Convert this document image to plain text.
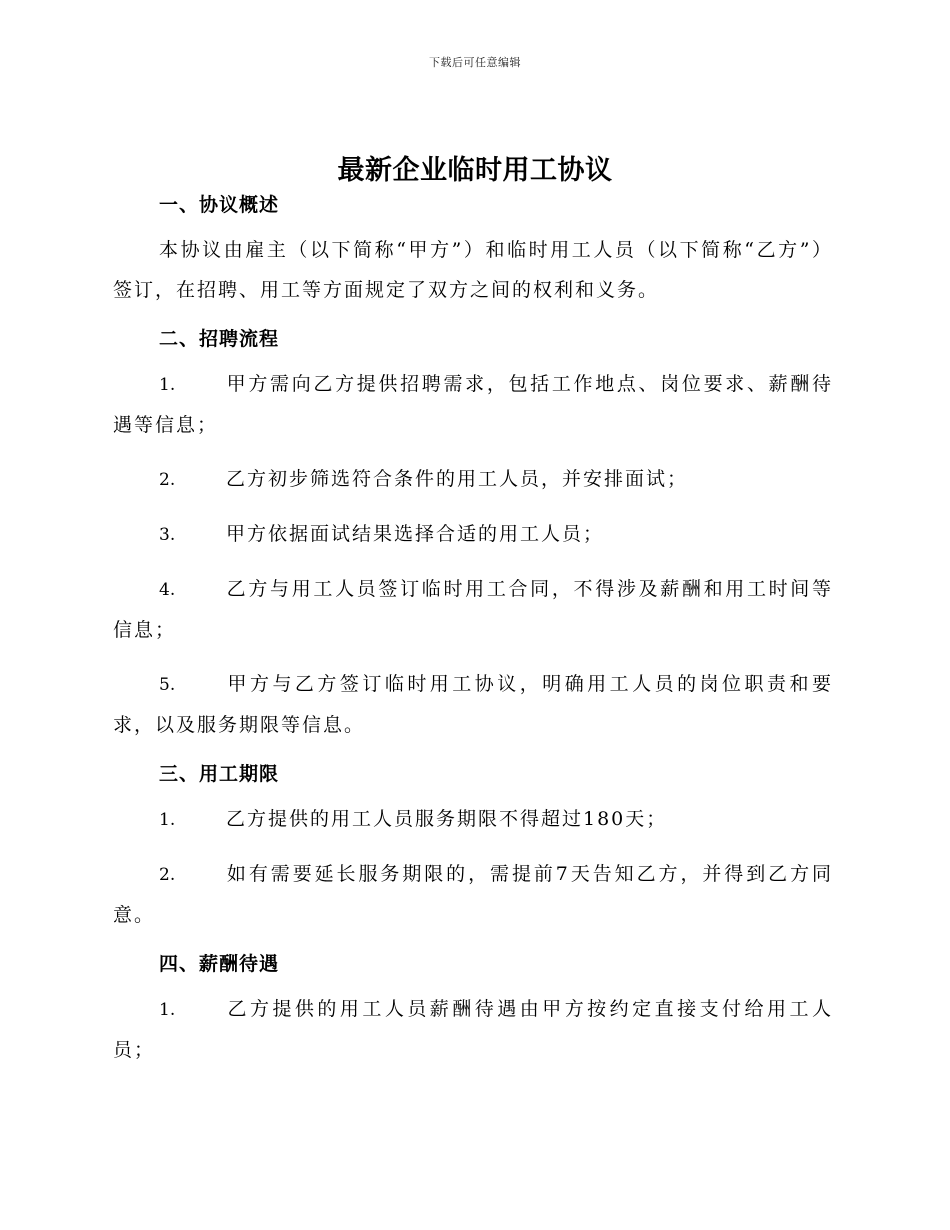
下载后可任意编辑
最新企业临时用工协议
一、协议概述

本协议由雇主（以下简称“甲方”）和临时用工人员（以下简称“乙方”）签订，在招聘、用工等方面规定了双方之间的权利和义务。

二、招聘流程

1.	甲方需向乙方提供招聘需求，包括工作地点、岗位要求、薪酬待遇等信息；

2.	乙方初步筛选符合条件的用工人员，并安排面试；

3.	甲方依据面试结果选择合适的用工人员；

4.	乙方与用工人员签订临时用工合同，不得涉及薪酬和用工时间等信息；

5.	甲方与乙方签订临时用工协议，明确用工人员的岗位职责和要求，以及服务期限等信息。

三、用工期限

1.	乙方提供的用工人员服务期限不得超过180天；

2.	如有需要延长服务期限的，需提前7天告知乙方，并得到乙方同意。

四、薪酬待遇

1.	乙方提供的用工人员薪酬待遇由甲方按约定直接支付给用工人员；
